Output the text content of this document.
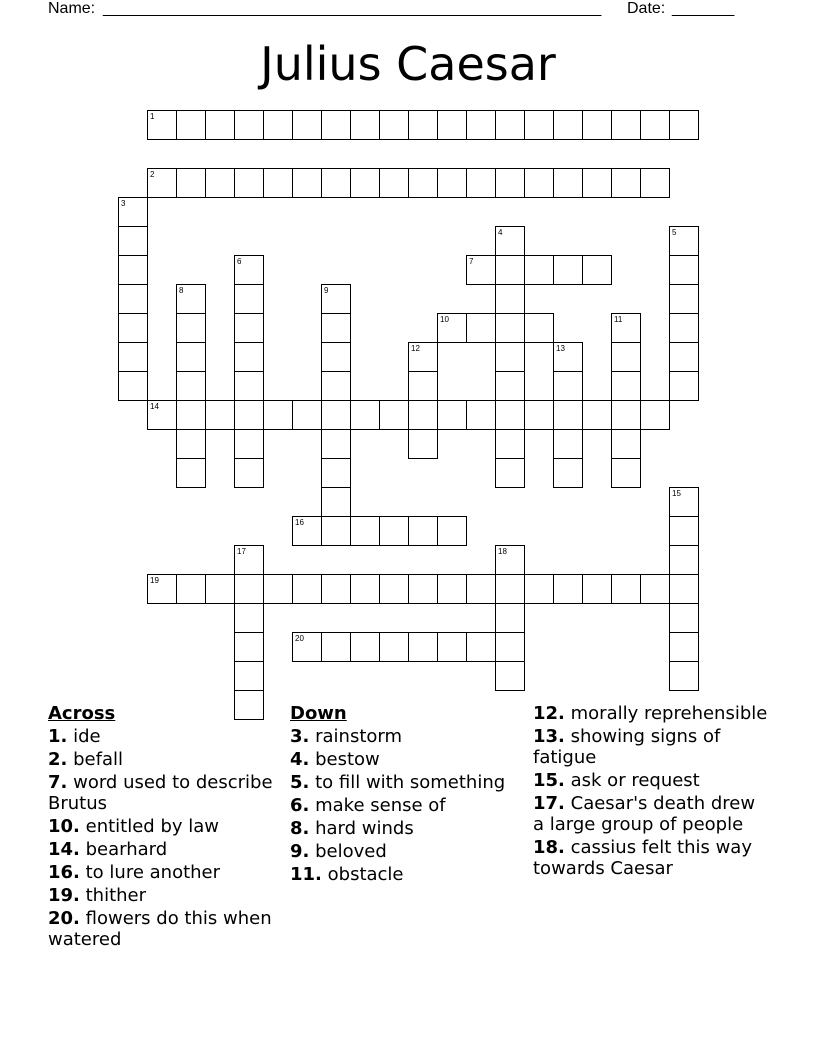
Name: ________________________________________________________ Date: _______
Julius Caesar
1
2
3
4	5
6	7
8	9
10	11
12	13
14
15
16
17	18
19
20
Across
1. ide
2. befall
7. word used to describe Brutus
10. entitled by law
14. bearhard
16. to lure another
19. thither
20. flowers do this when watered
Down
3. rainstorm
4. bestow
5. to fill with something
6. make sense of
8. hard winds
9. beloved
11. obstacle
12. morally reprehensible
13. showing signs of fatigue
15. ask or request
17. Caesar's death drew a large group of people
18. cassius felt this way towards Caesar
